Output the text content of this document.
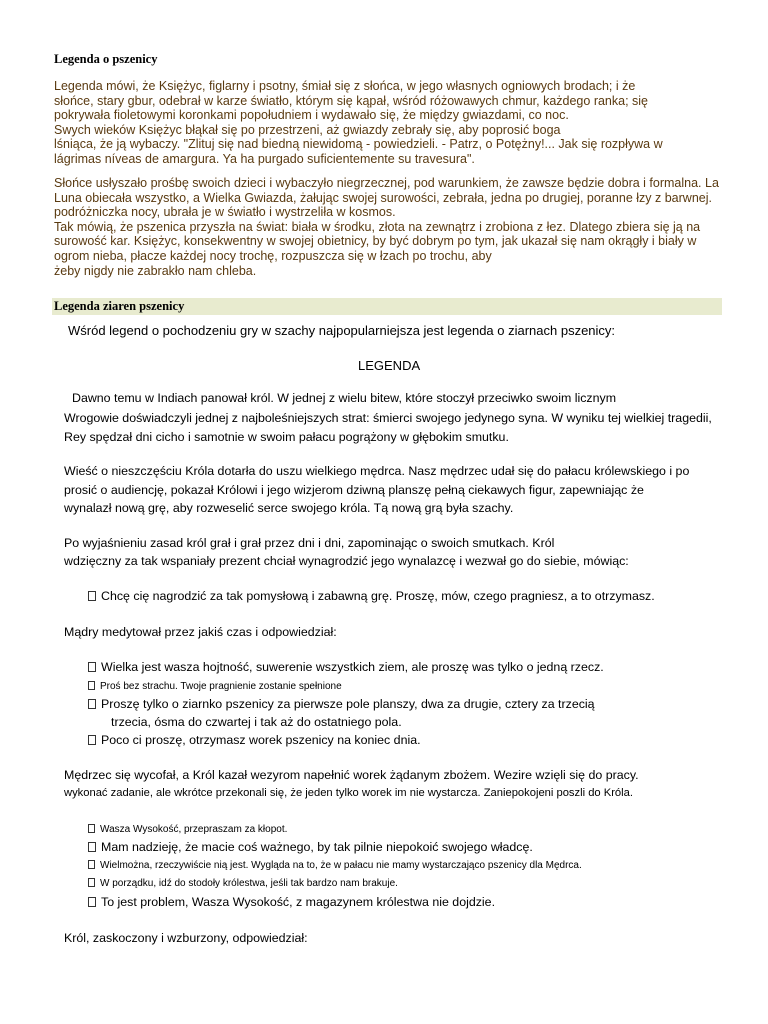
Legenda o pszenicy
Legenda mówi, że Księżyc, figlarny i psotny, śmiał się z słońca, w jego własnych ogniowych brodach; i że
słońce, stary gbur, odebrał w karze światło, którym się kąpał, wśród różowawych chmur, każdego ranka; się
pokrywała fioletowymi koronkami popołudniem i wydawało się, że między gwiazdami, co noc.
Swych wieków Księżyc błąkał się po przestrzeni, aż gwiazdy zebrały się, aby poprosić boga
lśniąca, że ją wybaczy. "Zlituj się nad biedną niewidomą - powiedzieli. - Patrz, o Potężny!... Jak się rozpływa w
lágrimas níveas de amargura. Ya ha purgado suficientemente su travesura".
Słońce usłyszało prośbę swoich dzieci i wybaczyło niegrzecznej, pod warunkiem, że zawsze będzie dobra i formalna. La
Luna obiecała wszystko, a Wielka Gwiazda, żałując swojej surowości, zebrała, jedna po drugiej, poranne łzy z barwnej.
podróżniczka nocy, ubrała je w światło i wystrzeliła w kosmos.
Tak mówią, że pszenica przyszła na świat: biała w środku, złota na zewnątrz i zrobiona z łez. Dlatego zbiera się ją na
surowość kar. Księżyc, konsekwentny w swojej obietnicy, by być dobrym po tym, jak ukazał się nam okrągły i biały w
ogrom nieba, płacze każdej nocy trochę, rozpuszcza się w łzach po trochu, aby
żeby nigdy nie zabrakło nam chleba.
Legenda ziaren pszenicy
Wśród legend o pochodzeniu gry w szachy najpopularniejsza jest legenda o ziarnach pszenicy:
LEGENDA
Dawno temu w Indiach panował król. W jednej z wielu bitew, które stoczył przeciwko swoim licznym
Wrogowie doświadczyli jednej z najboleśniejszych strat: śmierci swojego jedynego syna. W wyniku tej wielkiej tragedii,
Rey spędzał dni cicho i samotnie w swoim pałacu pogrążony w głębokim smutku.
Wieść o nieszczęściu Króla dotarła do uszu wielkiego mędrca. Nasz mędrzec udał się do pałacu królewskiego i po
prosić o audiencję, pokazał Królowi i jego wizjerom dziwną planszę pełną ciekawych figur, zapewniając że
wynalazł nową grę, aby rozweselić serce swojego króla. Tą nową grą była szachy.
Po wyjaśnieniu zasad król grał i grał przez dni i dni, zapominając o swoich smutkach. Król
wdzięczny za tak wspaniały prezent chciał wynagrodzić jego wynalazcę i wezwał go do siebie, mówiąc:
Chcę cię nagrodzić za tak pomysłową i zabawną grę. Proszę, mów, czego pragniesz, a to otrzymasz.
Mądry medytował przez jakiś czas i odpowiedział:
Wielka jest wasza hojtność, suwerenie wszystkich ziem, ale proszę was tylko o jedną rzecz.
Proś bez strachu. Twoje pragnienie zostanie spełnione
Proszę tylko o ziarnko pszenicy za pierwsze pole planszy, dwa za drugie, cztery za trzecią
trzecia, ósma do czwartej i tak aż do ostatniego pola.
Poco ci proszę, otrzymasz worek pszenicy na koniec dnia.
Mędrzec się wycofał, a Król kazał wezyrom napełnić worek żądanym zbożem. Wezire wzięli się do pracy.
wykonać zadanie, ale wkrótce przekonali się, że jeden tylko worek im nie wystarcza. Zaniepokojeni poszli do Króla.
Wasza Wysokość, przepraszam za kłopot.
Mam nadzieję, że macie coś ważnego, by tak pilnie niepokoić swojego władcę.
Wielmożna, rzeczywiście nią jest. Wygląda na to, że w pałacu nie mamy wystarczająco pszenicy dla Mędrca.
W porządku, idź do stodoły królestwa, jeśli tak bardzo nam brakuje.
To jest problem, Wasza Wysokość, z magazynem królestwa nie dojdzie.
Król, zaskoczony i wzburzony, odpowiedział:
